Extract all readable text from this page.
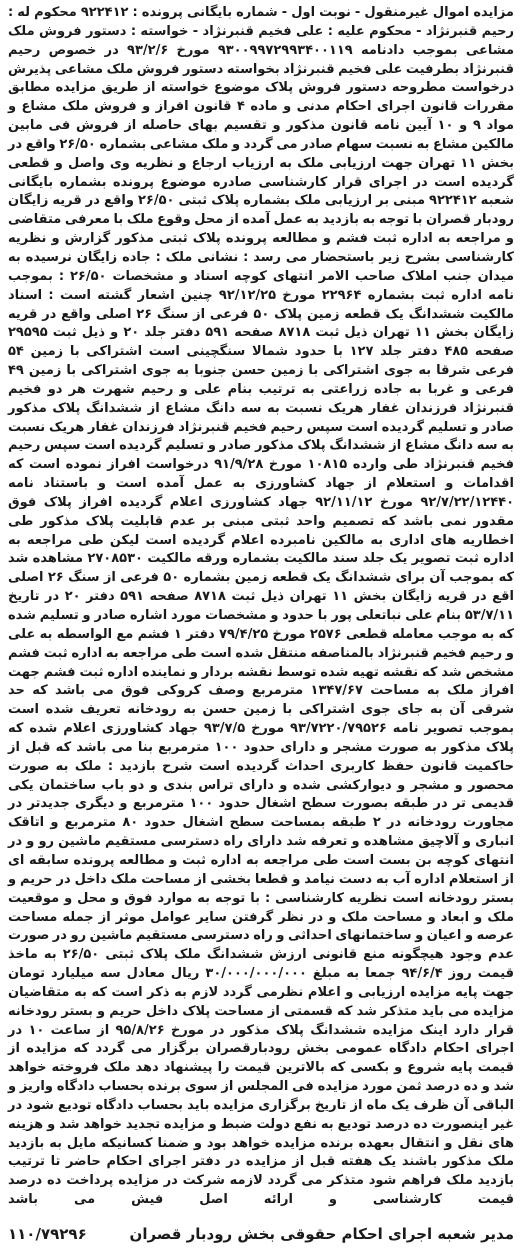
مزایده اموال غیرمنقول - نوبت اول - شماره بایگانی پرونده : ۹۲۲۴۱۲ محکوم له : رحیم قنبرنژاد - محکوم علیه : علی فخیم قنبرنژاد - خواسته : دستور فروش ملک مشاعی بموجب دادنامه ۹۳۰۰۹۹۷۲۹۹۳۴۰۰۱۱۹ مورخ ۹۳/۲/۶ در خصوص رحیم قنبرنژاد بطرفیت علی فخیم قنبرنژاد بخواسته دستور فروش ملک مشاعی پذیرش درخواست مطروحه دستور فروش پلاک موضوع خواسته از طریق مزایده مطابق مقررات قانون اجرای احکام مدنی و ماده ۴ قانون افراز و فروش ملک مشاع و مواد ۹ و ۱۰ آیین نامه قانون مذکور و تقسیم بهای حاصله از فروش فی مابین مالکین مشاع به نسبت سهام صادر می گردد و ملک مشاعی بشماره ۲۶/۵۰ واقع در بخش ۱۱ تهران جهت ارزیابی ملک به ارزیاب ارجاع و نظریه وی واصل و قطعی گردیده است در اجرای قرار کارشناسی صادره موضوع پرونده بشماره بایگانی شعبه ۹۲۲۴۱۲ مبنی بر ارزیابی ملک بشماره پلاک ثبتی ۲۶/۵۰ واقع در قریه زایگان رودبار قصران با توجه به بازدید به عمل آمده از محل وقوع ملک با معرفی متقاضی و مراجعه به اداره ثبت فشم و مطالعه پرونده پلاک ثبتی مذکور گزارش و نظریه کارشناسی بشرح زیر باستحضار می رسد : نشانی ملک : جاده زایگان نرسیده به میدان جنب املاک صاحب الامر انتهای کوچه اسناد و مشخصات ۲۶/۵۰ : بموجب نامه اداره ثبت بشماره ۲۲۹۶۴ مورخ ۹۲/۱۲/۲۵ چنین اشعار گشته است : اسناد مالکیت ششدانگ یک قطعه زمین پلاک ۵۰ فرعی از سنگ ۲۶ اصلی واقع در قریه زایگان بخش ۱۱ تهران ذیل ثبت ۸۷۱۸ صفحه ۵۹۱ دفتر جلد ۲۰ و ذیل ثبت ۲۹۵۹۵ صفحه ۴۸۵ دفتر جلد ۱۲۷ با حدود شمالا سنگچینی است اشتراکی با زمین ۵۴ فرعی شرقا به جوی اشتراکی با زمین حسن جنوبا به جوی اشتراکی با زمین ۴۹ فرعی و غربا به جاده زراعتی به ترتیب بنام علی و رحیم شهرت هر دو فخیم قنبرنژاد فرزندان غفار هریک نسبت به سه دانگ مشاع از ششدانگ پلاک مذکور صادر و تسلیم گردیده است سپس رحیم فخیم قنبرنژاد فرزندان غفار هریک نسبت به سه دانگ مشاع از ششدانگ پلاک مذکور صادر و تسلیم گردیده است سپس رحیم فخیم قنبرنژاد طی وارده ۱۰۸۱۵ مورخ ۹۱/۹/۲۸ درخواست افراز نموده است که اقدامات و استعلام از جهاد کشاورزی به عمل آمده است و باستناد نامه ۹۲/۷/۲۲/۱۲۴۴۰ مورخ ۹۲/۱۱/۱۲ جهاد کشاورزی اعلام گردیده افراز پلاک فوق مقدور نمی باشد که تصمیم واحد ثبتی مبنی بر عدم قابلیت پلاک مذکور طی اخطاریه های اداری به مالکین نامبرده اعلام گردیده است لیکن طی مراجعه به اداره ثبت تصویر یک جلد سند مالکیت بشماره ورقه مالکیت ۲۷۰۸۵۳۰ مشاهده شد که بموجب آن برای ششدانگ یک قطعه زمین بشماره ۵۰ فرعی از سنگ ۲۶ اصلی اقع در قریه زایگان بخش ۱۱ تهران ذیل ثبت ۸۷۱۸ صفحه ۵۹۱ دفتر ۲۰ در تاریخ ۵۳/۷/۱۱ بنام علی نباتعلی پور با حدود و مشخصات مورد اشاره صادر و تسلیم شده که به موجب معامله قطعی ۲۵۷۶ مورخ ۷۹/۴/۲۵ دفتر ۱ فشم مع الواسطه به علی و رحیم فخیم قنبرنژاد بالمناصفه منتقل شده است طی مراجعه به اداره ثبت فشم مشخص شد که نقشه تهیه شده توسط نقشه بردار و نماینده اداره ثبت فشم جهت افراز ملک به مساحت ۱۳۴۷/۶۷ مترمربع وصف کروکی فوق می باشد که حد شرقی آن به جای جوی اشتراکی با زمین حسن به رودخانه تعریف شده است بموجب تصویر نامه ۹۳/۷۲۲۰/۷۹۵۲۶ مورخ ۹۳/۷/۵ جهاد کشاورزی اعلام شده که پلاک مذکور به صورت مشجر و دارای حدود ۱۰۰ مترمربع بنا می باشد که قبل از حاکمیت قانون حفظ کاربری احداث گردیده است شرح بازدید : ملک به صورت محصور و مشجر و دیوارکشی شده و دارای تراس بندی و دو باب ساختمان یکی قدیمی تر در طبقه بصورت سطح اشغال حدود ۱۰۰ مترمربع و دیگری جدیدتر در مجاورت رودخانه در ۲ طبقه بمساحت سطح اشغال حدود ۸۰ مترمربع و اتاقک انباری و آلاچیق مشاهده و تعرفه شد دارای راه دسترسی مستقیم ماشین رو و در انتهای کوچه بن بست است طی مراجعه به اداره ثبت و مطالعه پرونده سابقه ای از استعلام اداره آب به دست نیامد و قطعا بخشی از مساحت ملک داخل در حریم و بستر رودخانه است نظریه کارشناسی : با توجه به موارد فوق و محل و موقعیت ملک و ابعاد و مساحت ملک و در نظر گرفتن سایر عوامل موثر از جمله مساحت عرصه و اعیان و ساختمانهای احداثی و راه دسترسی مستقیم ماشین رو در صورت عدم وجود هیچگونه منع قانونی ارزش ششدانگ ملک پلاک ثبتی ۲۶/۵۰ به ماخذ قیمت روز ۹۴/۶/۴ جمعا به مبلغ ۳۰/۰۰۰/۰۰۰/۰۰۰ ریال معادل سه میلیارد تومان جهت پایه مزایده ارزیابی و اعلام نظرمی گردد لازم به ذکر است که به متقاضیان مزایده می باید متذکر شد که قسمتی از مساحت پلاک داخل حریم و بستر رودخانه قرار دارد اینک مزایده ششدانگ پلاک مذکور در مورخ ۹۵/۸/۲۶ از ساعت ۱۰ در اجرای احکام دادگاه عمومی بخش رودبارقصران برگزار می گردد که مزایده از قیمت پایه شروع و بکسی که بالاترین قیمت را پیشنهاد دهد ملک فروخته خواهد شد و ده درصد ثمن مورد مزایده فی المجلس از سوی برنده بحساب دادگاه واریز و الباقی آن ظرف یک ماه از تاریخ برگزاری مزایده باید بحساب دادگاه تودیع شود در غیر اینصورت ده درصد تودیع به نفع دولت ضبط و مزایده تجدید خواهد شد و هزینه های نقل و انتقال بعهده برنده مزایده خواهد بود و ضمنا کسانیکه مایل به بازدید ملک مذکور باشند یک هفته قبل از مزایده در دفتر اجرای احکام حاضر تا ترتیب بازدید ملک فراهم شود متذکر می گردد لازمه شرکت در مزایده پرداخت ده درصد قیمت کارشناسی و ارائه اصل فیش می باشد

مدیر شعبه اجرای احکام حقوقی بخش رودبار قصران
۱۱۰/۷۹۲۹۶
